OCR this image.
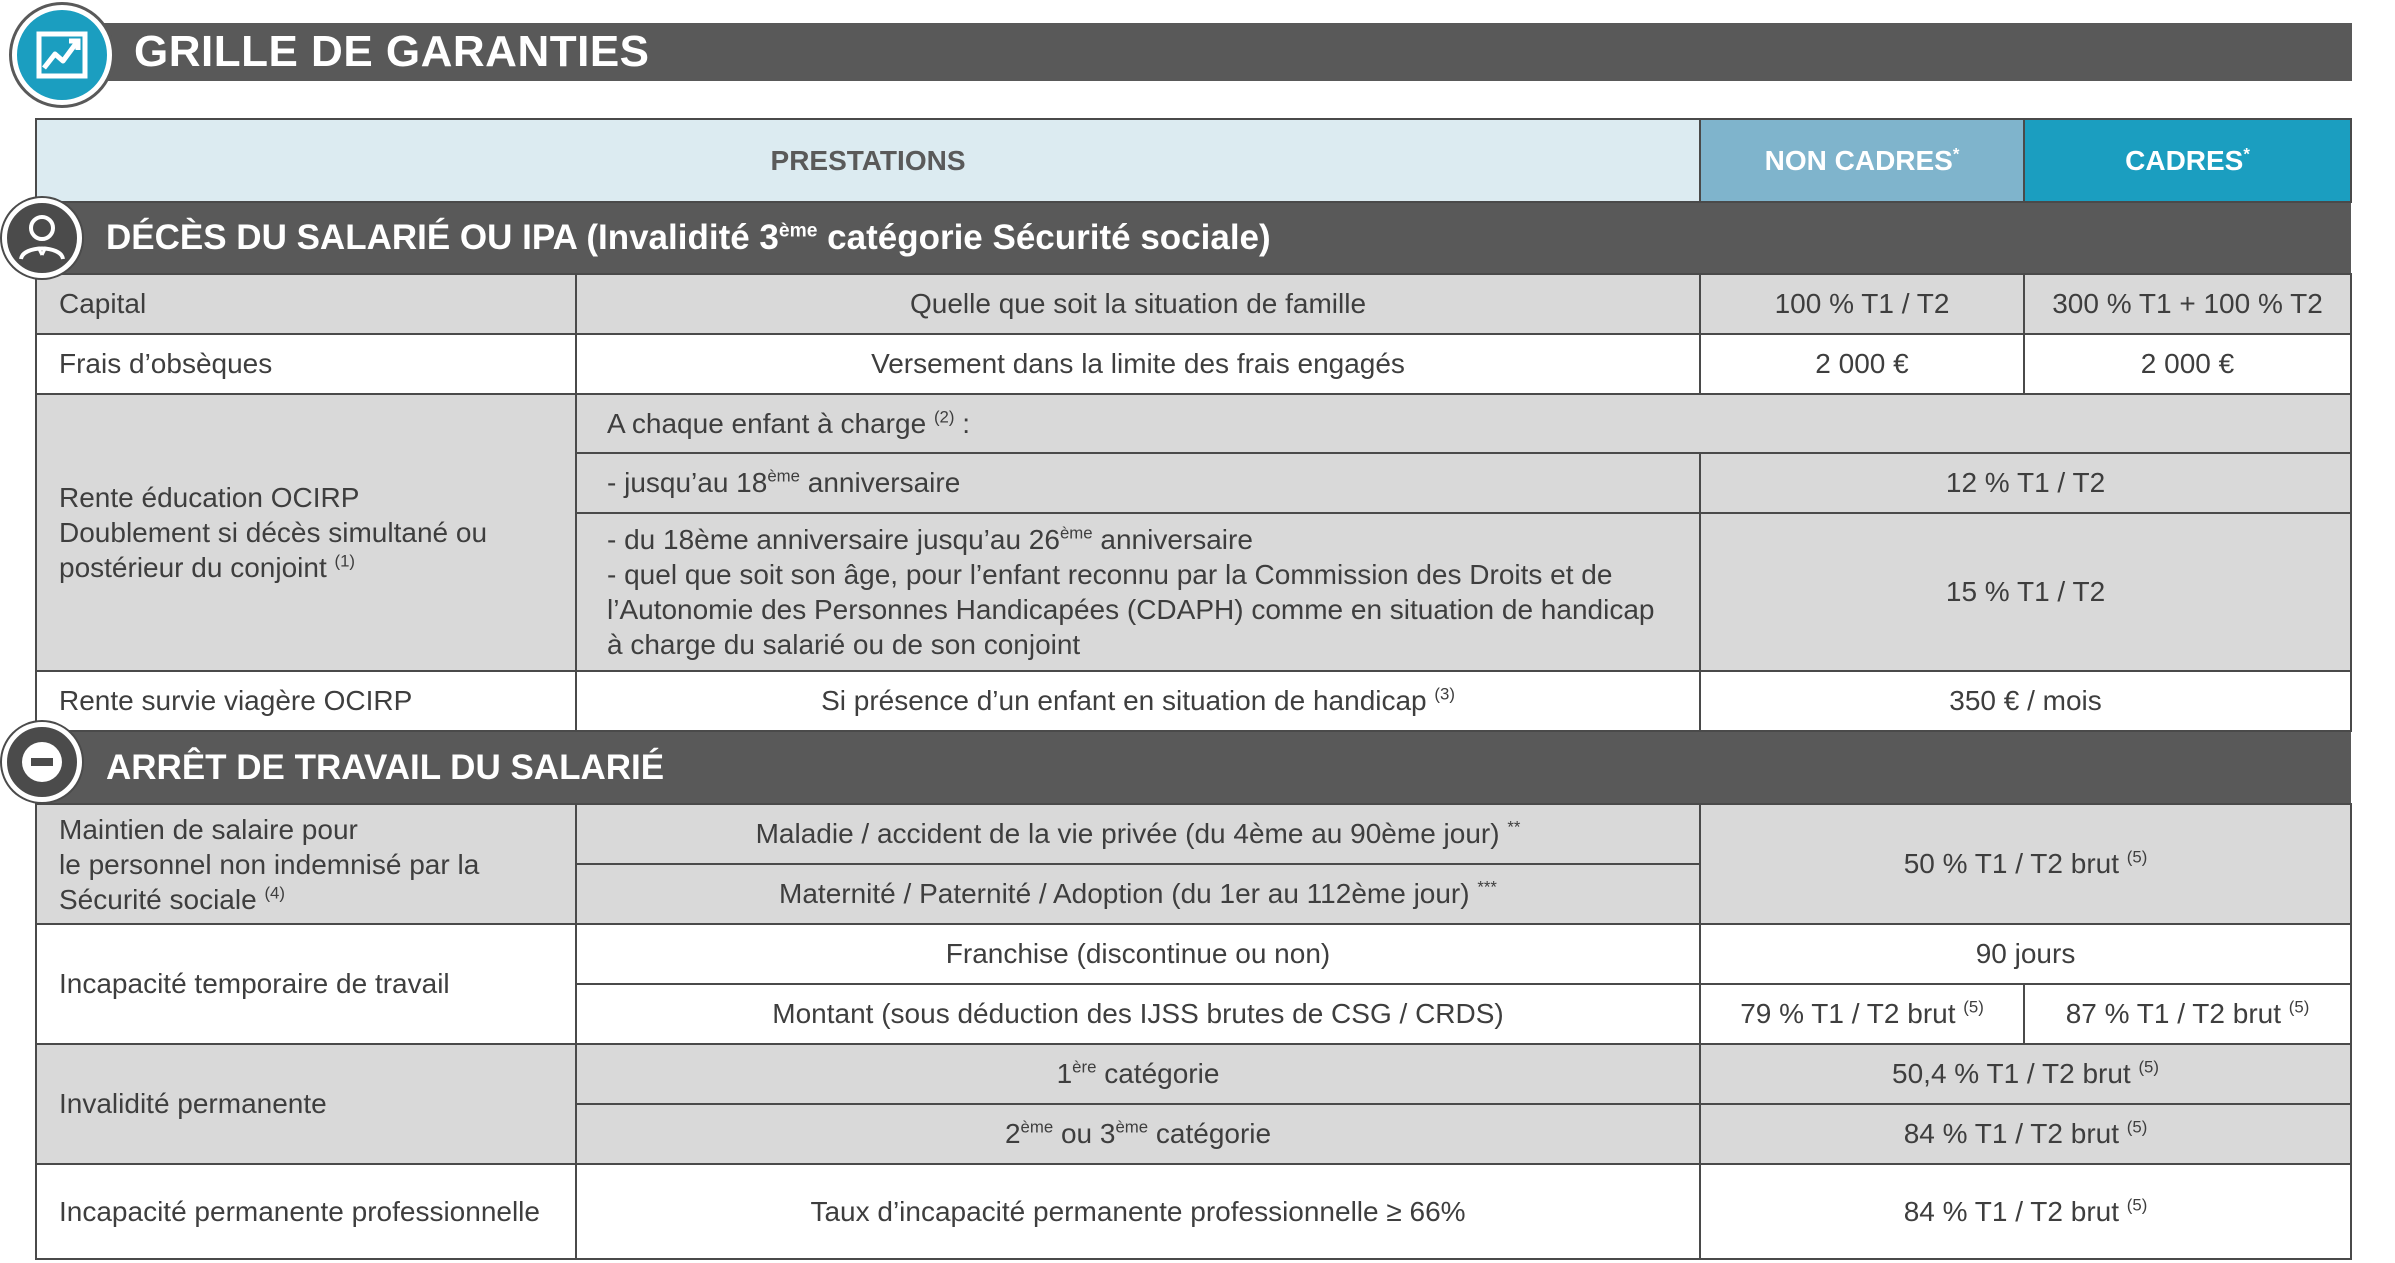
GRILLE DE GARANTIES
PRESTATIONS		NON CADRES*	CADRES*
DÉCÈS DU SALARIÉ OU IPA (Invalidité 3ème catégorie Sécurité sociale)			
Capital	Quelle que soit la situation de famille	100 % T1 / T2	300 % T1 + 100 % T2
Frais d’obsèques	Versement dans la limite des frais engagés	2 000 €	2 000 €
Rente éducation OCIRP
Doublement si décès simultané ou
postérieur du conjoint $^{(1)}$	A chaque enfant à charge $^{(2)}$ :		
	- jusqu’au 18ème anniversaire	12 % T1 / T2	
	- du 18ème anniversaire jusqu’au 26ème anniversaire
- quel que soit son âge, pour l’enfant reconnu par la Commission des Droits et de l’Autonomie des Personnes Handicapées (CDAPH) comme en situation de handicap à charge du salarié ou de son conjoint	15 % T1 / T2	
Rente survie viagère OCIRP	Si présence d’un enfant en situation de handicap $^{(3)}$	350 € / mois	
ARRÊT DE TRAVAIL DU SALARIÉ			
Maintien de salaire pour
le personnel non indemnisé par la
Sécurité sociale $^{(4)}$	Maladie / accident de la vie privée (du 4ème au 90ème jour) **	50 % T1 / T2 brut $^{(5)}$
	Maternité / Paternité / Adoption (du 1er au 112ème jour) ***
Incapacité temporaire de travail	Franchise (discontinue ou non)	90 jours	
	Montant (sous déduction des IJSS brutes de CSG / CRDS)	79 % T1 / T2 brut $^{(5)}$	87 % T1 / T2 brut $^{(5)}$
Invalidité permanente	1ère catégorie	50,4 % T1 / T2 brut $^{(5)}$
	2ème ou 3ème catégorie	84 % T1 / T2 brut $^{(5)}$
Incapacité permanente professionnelle	Taux d’incapacité permanente professionnelle ≥ 66%	84 % T1 / T2 brut $^{(5)}$
